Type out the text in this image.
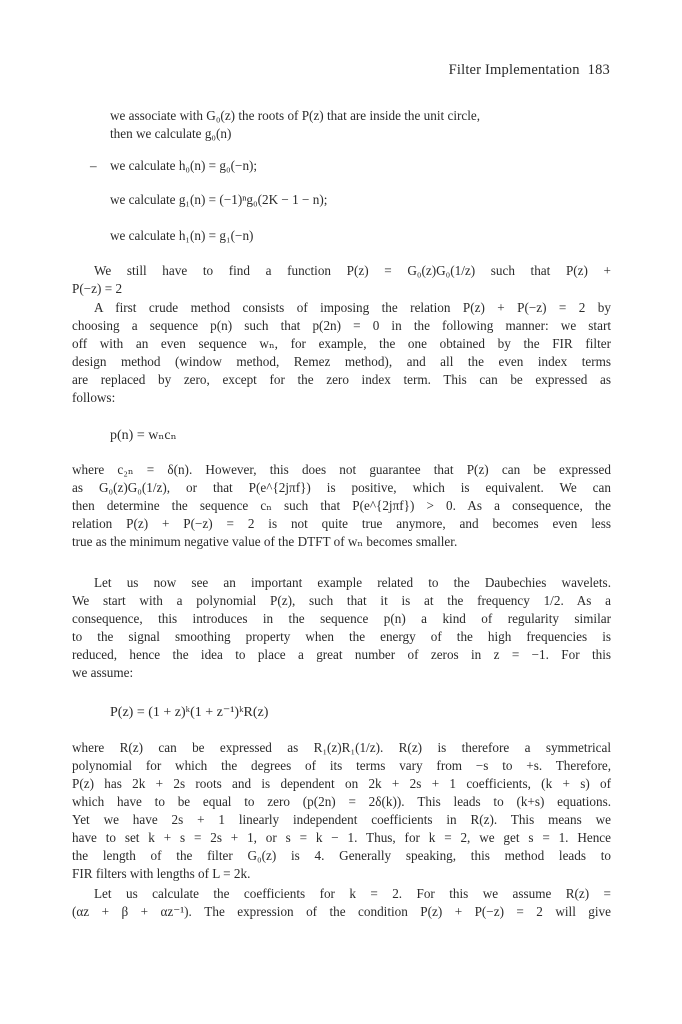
Filter Implementation 183
we associate with G₀(z) the roots of P(z) that are inside the unit circle,
then we calculate g₀(n)
– we calculate h₀(n) = g₀(−n);
we calculate g₁(n) = (−1)ⁿg₀(2K − 1 − n);
we calculate h₁(n) = g₁(−n)
We still have to find a function P(z) = G₀(z)G₀(1/z) such that P(z) +
P(−z) = 2
A first crude method consists of imposing the relation P(z) + P(−z) = 2 by
choosing a sequence p(n) such that p(2n) = 0 in the following manner: we start
off with an even sequence wₙ, for example, the one obtained by the FIR filter
design method (window method, Remez method), and all the even index terms
are replaced by zero, except for the zero index term. This can be expressed as
follows:
p(n) = wₙcₙ
where c₂ₙ = δ(n). However, this does not guarantee that P(z) can be expressed
as G₀(z)G₀(1/z), or that P(e^{2jπf}) is positive, which is equivalent. We can
then determine the sequence cₙ such that P(e^{2jπf}) > 0. As a consequence, the
relation P(z) + P(−z) = 2 is not quite true anymore, and becomes even less
true as the minimum negative value of the DTFT of wₙ becomes smaller.
Let us now see an important example related to the Daubechies wavelets.
We start with a polynomial P(z), such that it is at the frequency 1/2. As a
consequence, this introduces in the sequence p(n) a kind of regularity similar
to the signal smoothing property when the energy of the high frequencies is
reduced, hence the idea to place a great number of zeros in z = −1. For this
we assume:
P(z) = (1 + z)ᵏ(1 + z⁻¹)ᵏR(z)
where R(z) can be expressed as R₁(z)R₁(1/z). R(z) is therefore a symmetrical
polynomial for which the degrees of its terms vary from −s to +s. Therefore,
P(z) has 2k + 2s roots and is dependent on 2k + 2s + 1 coefficients, (k + s) of
which have to be equal to zero (p(2n) = 2δ(k)). This leads to (k+s) equations.
Yet we have 2s + 1 linearly independent coefficients in R(z). This means we
have to set k + s = 2s + 1, or s = k − 1. Thus, for k = 2, we get s = 1. Hence
the length of the filter G₀(z) is 4. Generally speaking, this method leads to
FIR filters with lengths of L = 2k.
Let us calculate the coefficients for k = 2. For this we assume R(z) =
(αz + β + αz⁻¹). The expression of the condition P(z) + P(−z) = 2 will give
